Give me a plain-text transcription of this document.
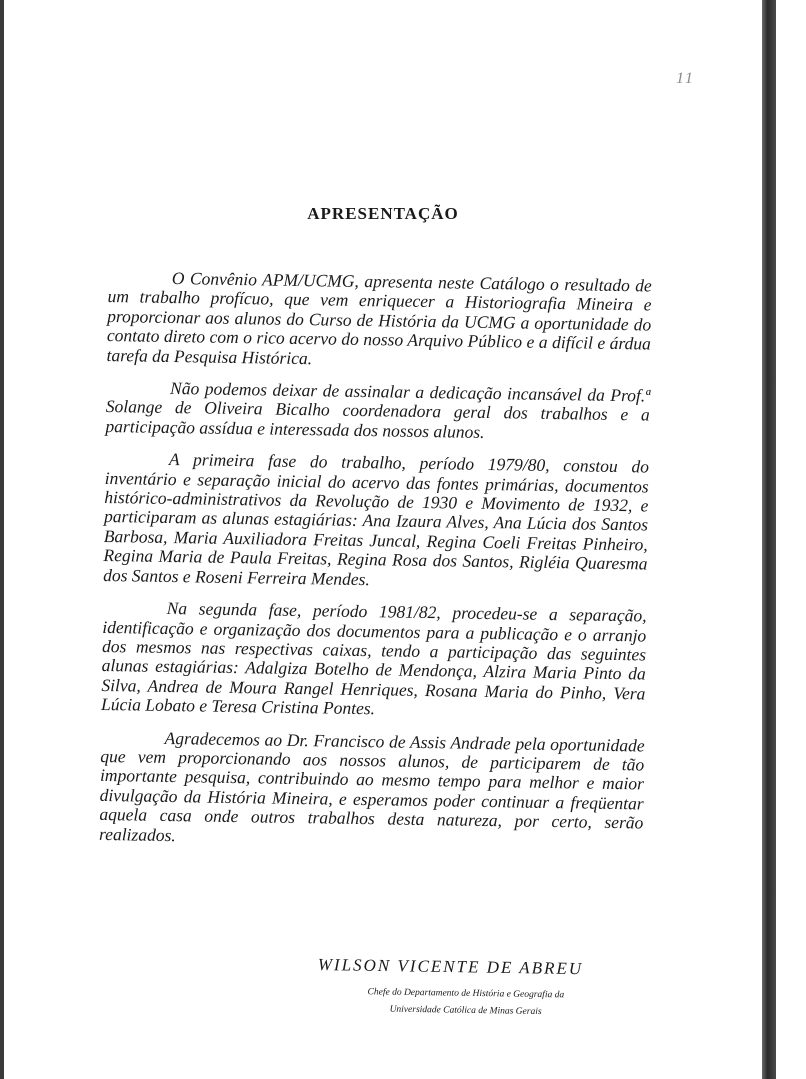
11
APRESENTAÇÃO

O Convênio APM/UCMG, apresenta neste Catálogo o resultado de um trabalho profícuo, que vem enriquecer a Historiografia Mineira e proporcionar aos alunos do Curso de História da UCMG a oportunidade do contato direto com o rico acervo do nosso Arquivo Público e a difícil e árdua tarefa da Pesquisa Histórica.

Não podemos deixar de assinalar a dedicação incansável da Prof.ª Solange de Oliveira Bicalho coordenadora geral dos trabalhos e a participação assídua e interessada dos nossos alunos.

A primeira fase do trabalho, período 1979/80, constou do inventário e separação inicial do acervo das fontes primárias, documentos histórico-administrativos da Revolução de 1930 e Movimento de 1932, e participaram as alunas estagiárias: Ana Izaura Alves, Ana Lúcia dos Santos Barbosa, Maria Auxiliadora Freitas Juncal, Regina Coeli Freitas Pinheiro, Regina Maria de Paula Freitas, Regina Rosa dos Santos, Rigléia Quaresma dos Santos e Roseni Ferreira Mendes.

Na segunda fase, período 1981/82, procedeu-se a separação, identificação e organização dos documentos para a publicação e o arranjo dos mesmos nas respectivas caixas, tendo a participação das seguintes alunas estagiárias: Adalgiza Botelho de Mendonça, Alzira Maria Pinto da Silva, Andrea de Moura Rangel Henriques, Rosana Maria do Pinho, Vera Lúcia Lobato e Teresa Cristina Pontes.

Agradecemos ao Dr. Francisco de Assis Andrade pela oportunidade que vem proporcionando aos nossos alunos, de participarem de tão importante pesquisa, contribuindo ao mesmo tempo para melhor e maior divulgação da História Mineira, e esperamos poder continuar a freqüentar aquela casa onde outros trabalhos desta natureza, por certo, serão realizados.

WILSON VICENTE DE ABREU
Chefe do Departamento de História e Geografia da
Universidade Católica de Minas Gerais
